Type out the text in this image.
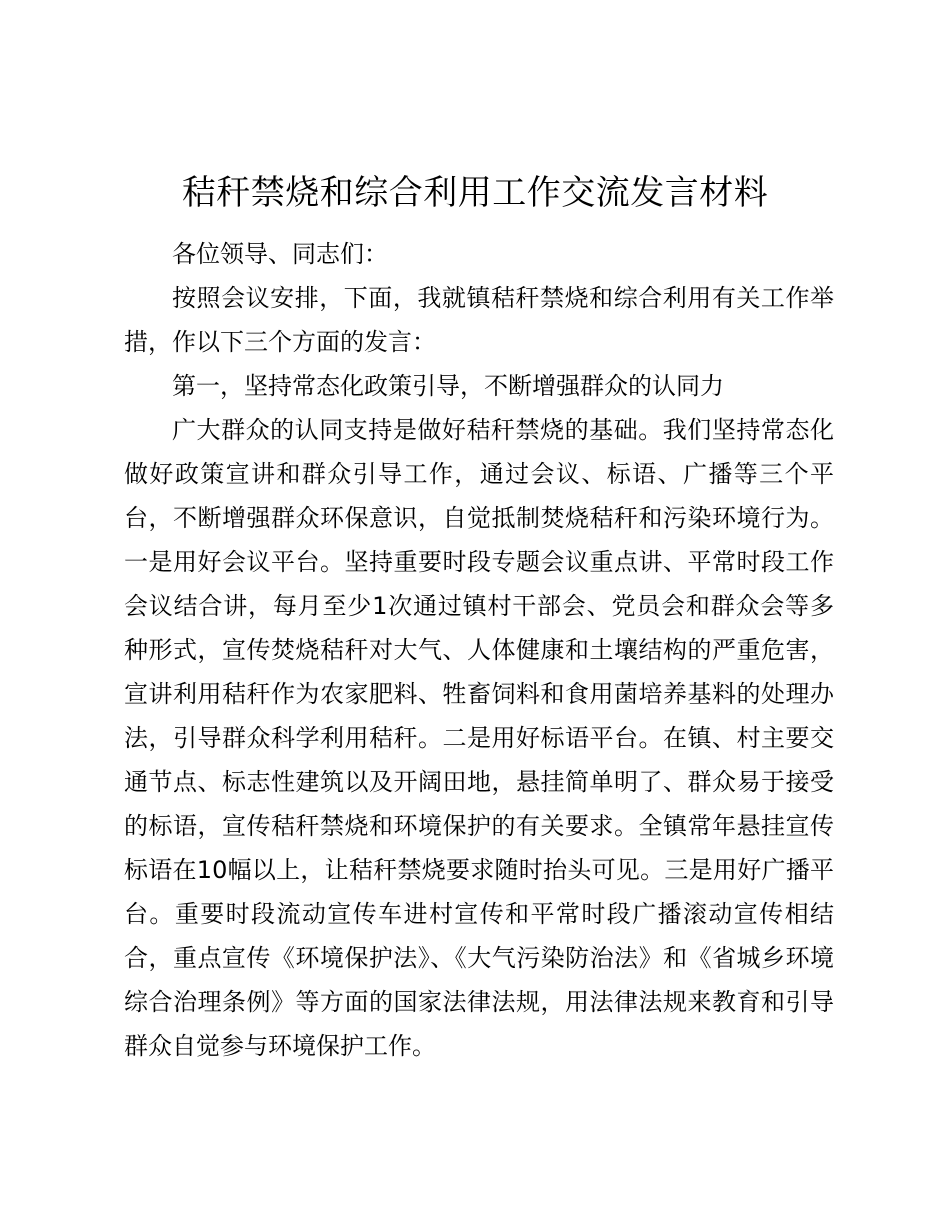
秸秆禁烧和综合利用工作交流发言材料

各位领导、同志们：

按照会议安排，下面，我就镇秸秆禁烧和综合利用有关工作举措，作以下三个方面的发言：

第一，坚持常态化政策引导，不断增强群众的认同力

广大群众的认同支持是做好秸秆禁烧的基础。我们坚持常态化做好政策宣讲和群众引导工作，通过会议、标语、广播等三个平台，不断增强群众环保意识，自觉抵制焚烧秸秆和污染环境行为。一是用好会议平台。坚持重要时段专题会议重点讲、平常时段工作会议结合讲，每月至少1次通过镇村干部会、党员会和群众会等多种形式，宣传焚烧秸秆对大气、人体健康和土壤结构的严重危害，宣讲利用秸秆作为农家肥料、牲畜饲料和食用菌培养基料的处理办法，引导群众科学利用秸秆。二是用好标语平台。在镇、村主要交通节点、标志性建筑以及开阔田地，悬挂简单明了、群众易于接受的标语，宣传秸秆禁烧和环境保护的有关要求。全镇常年悬挂宣传标语在10幅以上，让秸秆禁烧要求随时抬头可见。三是用好广播平台。重要时段流动宣传车进村宣传和平常时段广播滚动宣传相结合，重点宣传《环境保护法》、《大气污染防治法》和《省城乡环境综合治理条例》等方面的国家法律法规，用法律法规来教育和引导群众自觉参与环境保护工作。
